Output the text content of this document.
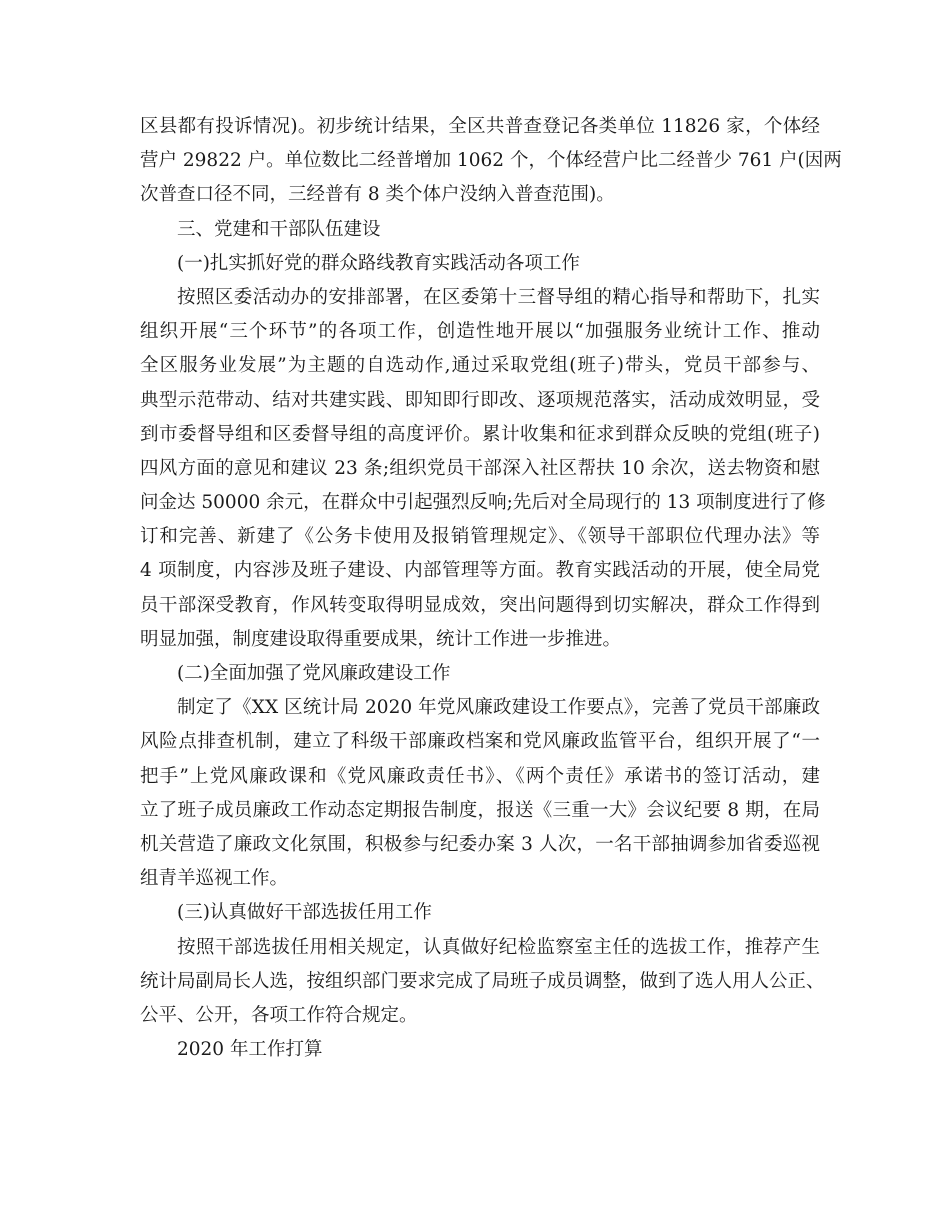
区县都有投诉情况)。初步统计结果，全区共普查登记各类单位 11826 家，个体经
营户 29822 户。单位数比二经普增加 1062 个，个体经营户比二经普少 761 户(因两
次普查口径不同，三经普有 8 类个体户没纳入普查范围)。
三、党建和干部队伍建设
(一)扎实抓好党的群众路线教育实践活动各项工作
按照区委活动办的安排部署，在区委第十三督导组的精心指导和帮助下，扎实
组织开展“三个环节”的各项工作，创造性地开展以“加强服务业统计工作、推动
全区服务业发展”为主题的自选动作,通过采取党组(班子)带头，党员干部参与、
典型示范带动、结对共建实践、即知即行即改、逐项规范落实，活动成效明显，受
到市委督导组和区委督导组的高度评价。累计收集和征求到群众反映的党组(班子)
四风方面的意见和建议 23 条;组织党员干部深入社区帮扶 10 余次，送去物资和慰
问金达 50000 余元，在群众中引起强烈反响;先后对全局现行的 13 项制度进行了修
订和完善、新建了《公务卡使用及报销管理规定》、《领导干部职位代理办法》等
4 项制度，内容涉及班子建设、内部管理等方面。教育实践活动的开展，使全局党
员干部深受教育，作风转变取得明显成效，突出问题得到切实解决，群众工作得到
明显加强，制度建设取得重要成果，统计工作进一步推进。
(二)全面加强了党风廉政建设工作
制定了《XX 区统计局 2020 年党风廉政建设工作要点》，完善了党员干部廉政
风险点排查机制，建立了科级干部廉政档案和党风廉政监管平台，组织开展了“一
把手”上党风廉政课和《党风廉政责任书》、《两个责任》承诺书的签订活动，建
立了班子成员廉政工作动态定期报告制度，报送《三重一大》会议纪要 8 期，在局
机关营造了廉政文化氛围，积极参与纪委办案 3 人次，一名干部抽调参加省委巡视
组青羊巡视工作。
(三)认真做好干部选拔任用工作
按照干部选拔任用相关规定，认真做好纪检监察室主任的选拔工作，推荐产生
统计局副局长人选，按组织部门要求完成了局班子成员调整，做到了选人用人公正、
公平、公开，各项工作符合规定。
2020 年工作打算
